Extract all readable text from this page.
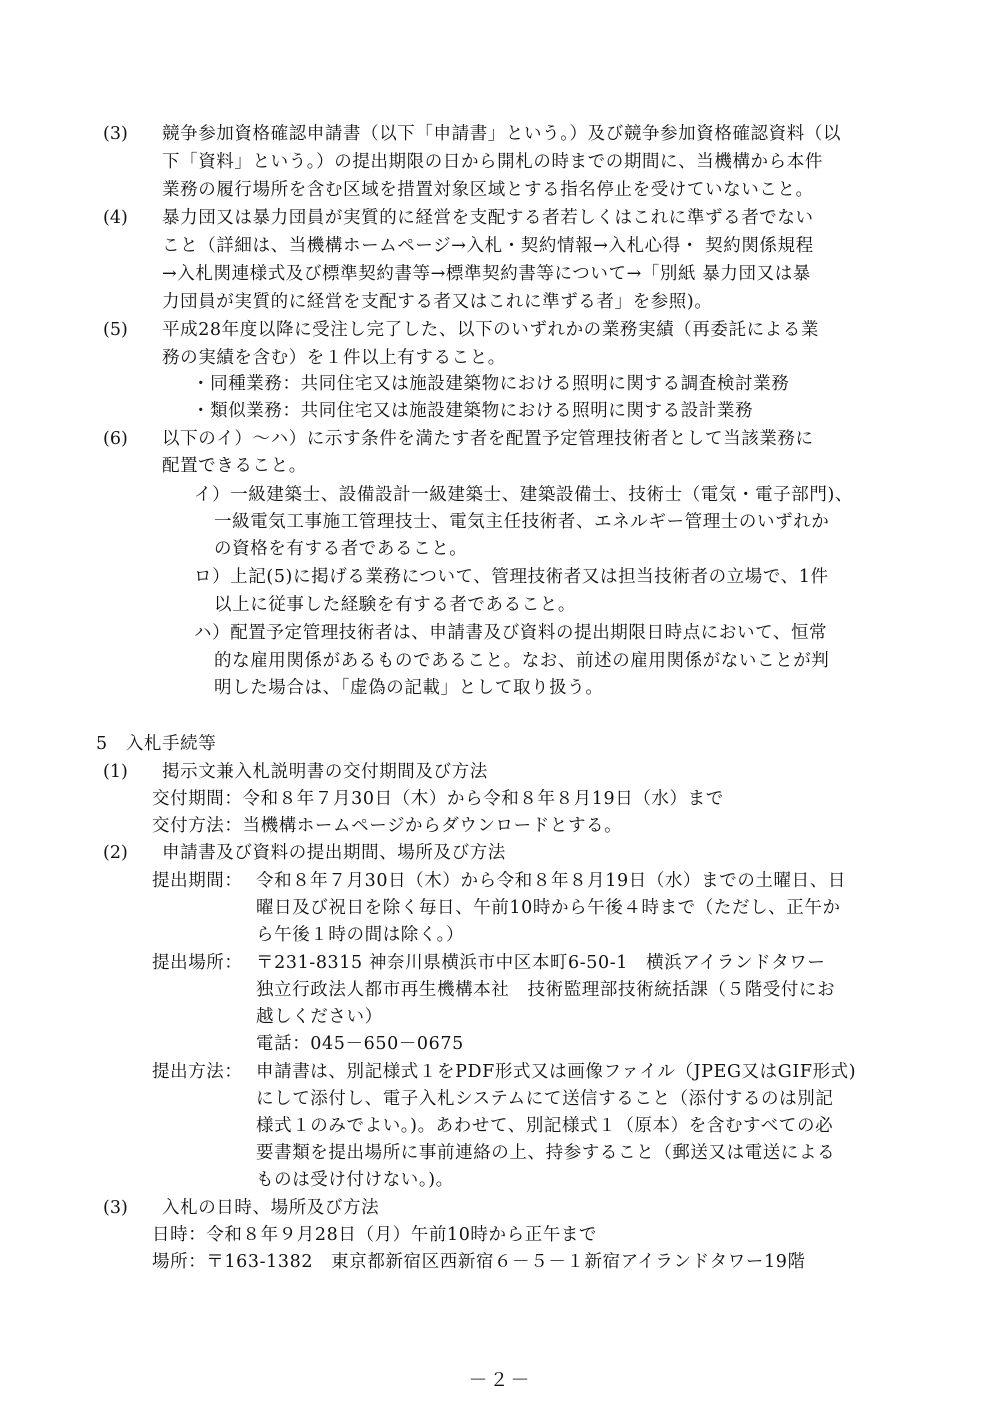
(3) 競争参加資格確認申請書（以下「申請書」という。）及び競争参加資格確認資料（以
下「資料」という。）の提出期限の日から開札の時までの期間に、当機構から本件
業務の履行場所を含む区域を措置対象区域とする指名停止を受けていないこと。
(4) 暴力団又は暴力団員が実質的に経営を支配する者若しくはこれに準ずる者でない
こと（詳細は、当機構ホームページ→入札・契約情報→入札心得・ 契約関係規程
→入札関連様式及び標準契約書等→標準契約書等について→「別紙 暴力団又は暴
力団員が実質的に経営を支配する者又はこれに準ずる者」を参照)。
(5) 平成28年度以降に受注し完了した、以下のいずれかの業務実績（再委託による業
務の実績を含む）を１件以上有すること。
・同種業務：共同住宅又は施設建築物における照明に関する調査検討業務
・類似業務：共同住宅又は施設建築物における照明に関する設計業務
(6) 以下のイ）～ハ）に示す条件を満たす者を配置予定管理技術者として当該業務に
配置できること。
イ）一級建築士、設備設計一級建築士、建築設備士、技術士（電気・電子部門)、
一級電気工事施工管理技士、電気主任技術者、エネルギー管理士のいずれか
の資格を有する者であること。
ロ）上記(5)に掲げる業務について、管理技術者又は担当技術者の立場で、1件
以上に従事した経験を有する者であること。
ハ）配置予定管理技術者は、申請書及び資料の提出期限日時点において、恒常
的な雇用関係があるものであること。なお、前述の雇用関係がないことが判
明した場合は、「虚偽の記載」として取り扱う。
5　入札手続等
(1) 掲示文兼入札説明書の交付期間及び方法
交付期間：令和８年７月30日（木）から令和８年８月19日（水）まで
交付方法：当機構ホームページからダウンロードとする。
(2) 申請書及び資料の提出期間、場所及び方法
提出期間： 令和８年７月30日（木）から令和８年８月19日（水）までの土曜日、日
曜日及び祝日を除く毎日、午前10時から午後４時まで（ただし、正午か
ら午後１時の間は除く。）
提出場所： 〒231-8315 神奈川県横浜市中区本町6-50-1　横浜アイランドタワー
独立行政法人都市再生機構本社　技術監理部技術統括課（５階受付にお
越しください）
電話：045－650－0675
提出方法： 申請書は、別記様式１をPDF形式又は画像ファイル（JPEG又はGIF形式)
にして添付し、電子入札システムにて送信すること（添付するのは別記
様式１のみでよい｡)。あわせて、別記様式１（原本）を含むすべての必
要書類を提出場所に事前連絡の上、持参すること（郵送又は電送による
ものは受け付けない｡)。
(3) 入札の日時、場所及び方法
日時：令和８年９月28日（月）午前10時から正午まで
場所：〒163-1382　東京都新宿区西新宿６－５－１新宿アイランドタワー19階
－２－
